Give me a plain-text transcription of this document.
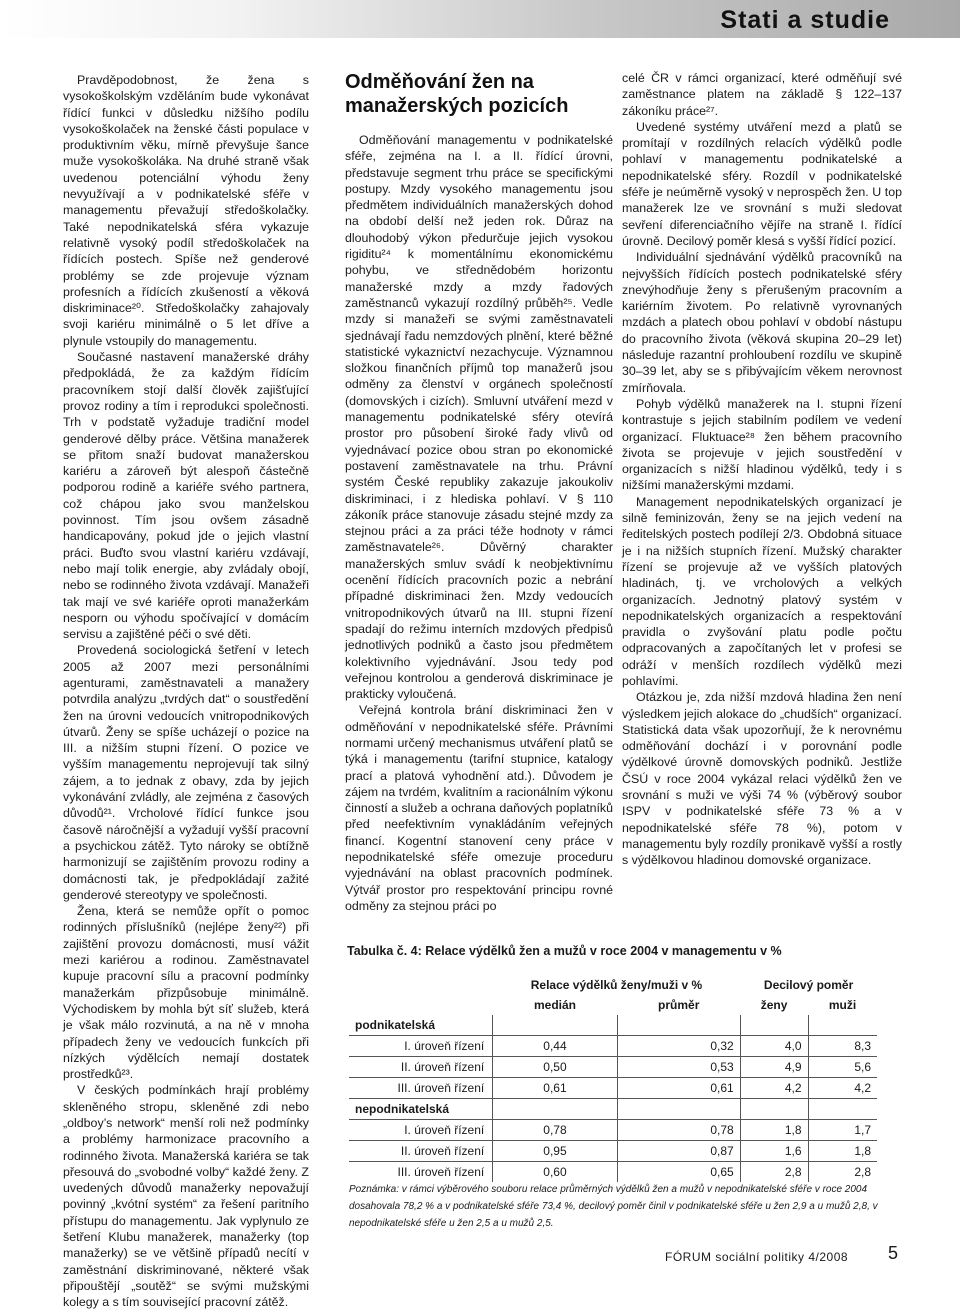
Stati a studie

Pravděpodobnost, že žena s vysokoškolským vzděláním bude vykonávat řídící funkci v důsledku nižšího podílu vysokoškolaček na ženské části populace v produktivním věku, mírně převyšuje šance muže vysokoškoláka. Na druhé straně však uvedenou potenciální výhodu ženy nevyužívají a v podnikatelské sféře v managementu převažují středoškolačky. Také nepodnikatelská sféra vykazuje relativně vysoký podíl středoškolaček na řídících postech. Spíše než genderové problémy se zde projevuje význam profesních a řídících zkušeností a věková diskriminace²⁰. Středoškolačky zahajovaly svoji kariéru minimálně o 5 let dříve a plynule vstoupily do managementu.

Současné nastavení manažerské dráhy předpokládá, že za každým řídícím pracovníkem stojí další člověk zajišťující provoz rodiny a tím i reprodukci společnosti. Trh v podstatě vyžaduje tradiční model genderové dělby práce. Většina manažerek se přitom snaží budovat manažerskou kariéru a zároveň být alespoň částečně podporou rodině a kariéře svého partnera, což chápou jako svou manželskou povinnost. Tím jsou ovšem zásadně handicapovány, pokud jde o jejich vlastní práci. Buďto svou vlastní kariéru vzdávají, nebo mají tolik energie, aby zvládaly obojí, nebo se rodinného života vzdávají. Manažeři tak mají ve své kariéře oproti manažerkám nesporn ou výhodu spočívající v domácím servisu a zajištěné péči o své děti.

Provedená sociologická šetření v letech 2005 až 2007 mezi personálními agenturami, zaměstnavateli a manažery potvrdila analýzu „tvrdých dat“ o soustředění žen na úrovni vedoucích vnitropodnikových útvarů. Ženy se spíše ucházejí o pozice na III. a nižším stupni řízení. O pozice ve vyšším managementu neprojevují tak silný zájem, a to jednak z obavy, zda by jejich vykonávání zvládly, ale zejména z časových důvodů²¹. Vrcholové řídící funkce jsou časově náročnější a vyžadují vyšší pracovní a psychickou zátěž. Tyto nároky se obtížně harmonizují se zajištěním provozu rodiny a domácnosti tak, je předpokládají zažité genderové stereotypy ve společnosti.

Žena, která se nemůže opřít o pomoc rodinných příslušníků (nejlépe ženy²²) při zajištění provozu domácnosti, musí vážit mezi kariérou a rodinou. Zaměstnavatel kupuje pracovní sílu a pracovní podmínky manažerkám přizpůsobuje minimálně. Východiskem by mohla být síť služeb, která je však málo rozvinutá, a na ně v mnoha případech ženy ve vedoucích funkcích při nízkých výdělcích nemají dostatek prostředků²³.

V českých podmínkách hrají problémy skleněného stropu, skleněné zdi nebo „oldboy’s network“ menší roli než podmínky a problémy harmonizace pracovního a rodinného života. Manažerská kariéra se tak přesouvá do „svobodné volby“ každé ženy. Z uvedených důvodů manažerky nepovažují povinný „kvótní systém“ za řešení paritního přístupu do managementu. Jak vyplynulo ze šetření Klubu manažerek, manažerky (top manažerky) se ve většině případů necítí v zaměstnání diskriminované, některé však připouštějí „soutěž“ se svými mužskými kolegy a s tím související pracovní zátěž.

Odměňování žen na manažerských pozicích

Odměňování managementu v podnikatelské sféře, zejména na I. a II. řídící úrovni, představuje segment trhu práce se specifickými postupy. Mzdy vysokého managementu jsou předmětem individuálních manažerských dohod na období delší než jeden rok. Důraz na dlouhodobý výkon předurčuje jejich vysokou rigiditu²⁴ k momentálnímu ekonomickému pohybu, ve střednědobém horizontu manažerské mzdy a mzdy řadových zaměstnanců vykazují rozdílný průběh²⁵. Vedle mzdy si manažeři se svými zaměstnavateli sjednávají řadu nemzdových plnění, které běžné statistické vykaznictví nezachycuje. Významnou složkou finančních příjmů top manažerů jsou odměny za členství v orgánech společností (domovských i cizích). Smluvní utváření mezd v managementu podnikatelské sféry otevírá prostor pro působení široké řady vlivů od vyjednávací pozice obou stran po ekonomické postavení zaměstnavatele na trhu. Právní systém České republiky zakazuje jakoukoliv diskriminaci, i z hlediska pohlaví. V § 110 zákoník práce stanovuje zásadu stejné mzdy za stejnou práci a za práci téže hodnoty v rámci zaměstnavatele²⁶. Důvěrný charakter manažerských smluv svádí k neobjektivnímu ocenění řídících pracovních pozic a nebrání případné diskriminaci žen. Mzdy vedoucích vnitropodnikových útvarů na III. stupni řízení spadají do režimu interních mzdových předpisů jednotlivých podniků a často jsou předmětem kolektivního vyjednávání. Jsou tedy pod veřejnou kontrolou a genderová diskriminace je prakticky vyloučená.

Veřejná kontrola brání diskriminaci žen v odměňování v nepodnikatelské sféře. Právními normami určený mechanismus utváření platů se týká i managementu (tarifní stupnice, katalogy prací a platová vyhodnění atd.). Důvodem je zájem na tvrdém, kvalitním a racionálním výkonu činností a služeb a ochrana daňových poplatníků před neefektivním vynakládáním veřejných financí. Kogentní stanovení ceny práce v nepodnikatelské sféře omezuje proceduru vyjednávání na oblast pracovních podmínek. Výtvář prostor pro respektování principu rovné odměny za stejnou práci po

celé ČR v rámci organizací, které odměňují své zaměstnance platem na základě § 122–137 zákoníku práce²⁷.

Uvedené systémy utváření mezd a platů se promítají v rozdílných relacích výdělků podle pohlaví v managementu podnikatelské a nepodnikatelské sféry. Rozdíl v podnikatelské sféře je neúměrně vysoký v neprospěch žen. U top manažerek lze ve srovnání s muži sledovat sevření diferenciačního vějíře na straně I. řídící úrovně. Decilový poměr klesá s vyšší řídící pozicí.

Individuální sjednávání výdělků pracovníků na nejvyšších řídících postech podnikatelské sféry znevýhodňuje ženy s přerušeným pracovním a kariérním životem. Po relativně vyrovnaných mzdách a platech obou pohlaví v období nástupu do pracovního života (věková skupina 20–29 let) následuje razantní prohloubení rozdílu ve skupině 30–39 let, aby se s přibývajícím věkem nerovnost zmírňovala.

Pohyb výdělků manažerek na I. stupni řízení kontrastuje s jejich stabilním podílem ve vedení organizací. Fluktuace²⁸ žen během pracovního života se projevuje v jejich soustředění v organizacích s nižší hladinou výdělků, tedy i s nižšími manažerskými mzdami.

Management nepodnikatelských organizací je silně feminizován, ženy se na jejich vedení na ředitelských postech podílejí 2/3. Obdobná situace je i na nižších stupních řízení. Mužský charakter řízení se projevuje až ve vyšších platových hladinách, tj. ve vrcholových a velkých organizacích. Jednotný platový systém v nepodnikatelských organizacích a respektování pravidla o zvyšování platu podle počtu odpracovaných a započítaných let v profesi se odráží v menších rozdílech výdělků mezi pohlavími.

Otázkou je, zda nižší mzdová hladina žen není výsledkem jejich alokace do „chudších“ organizací. Statistická data však upozorňují, že k nerovnému odměňování dochází i v porovnání podle výdělkové úrovně domovských podniků. Jestliže ČSÚ v roce 2004 vykázal relaci výdělků žen ve srovnání s muži ve výši 74 % (výběrový soubor ISPV v podnikatelské sféře 73 % a v nepodnikatelské sféře 78 %), potom v managementu byly rozdíly pronikavě vyšší a rostly s výdělkovou hladinou domovské organizace.

Tabulka č. 4: Relace výdělků žen a mužů v roce 2004 v managementu v %
	Relace výdělků ženy/muži v %		Decilový poměr	
	medián	průměr	ženy	muži
podnikatelská				
I. úroveň řízení	0,44	0,32	4,0	8,3
II. úroveň řízení	0,50	0,53	4,9	5,6
III. úroveň řízení	0,61	0,61	4,2	4,2
nepodnikatelská				
I. úroveň řízení	0,78	0,78	1,8	1,7
II. úroveň řízení	0,95	0,87	1,6	1,8
III. úroveň řízení	0,60	0,65	2,8	2,8
Poznámka: v rámci výběrového souboru relace průměrných výdělků žen a mužů v nepodnikatelské sféře v roce 2004 dosahovala 78,2 % a v podnikatelské sféře 73,4 %, decilový poměr činil v podnikatelské sféře u žen 2,9 a u mužů 2,8, v nepodnikatelské sféře u žen 2,5 a u mužů 2,5.
FÓRUM sociální politiky 4/2008 5
